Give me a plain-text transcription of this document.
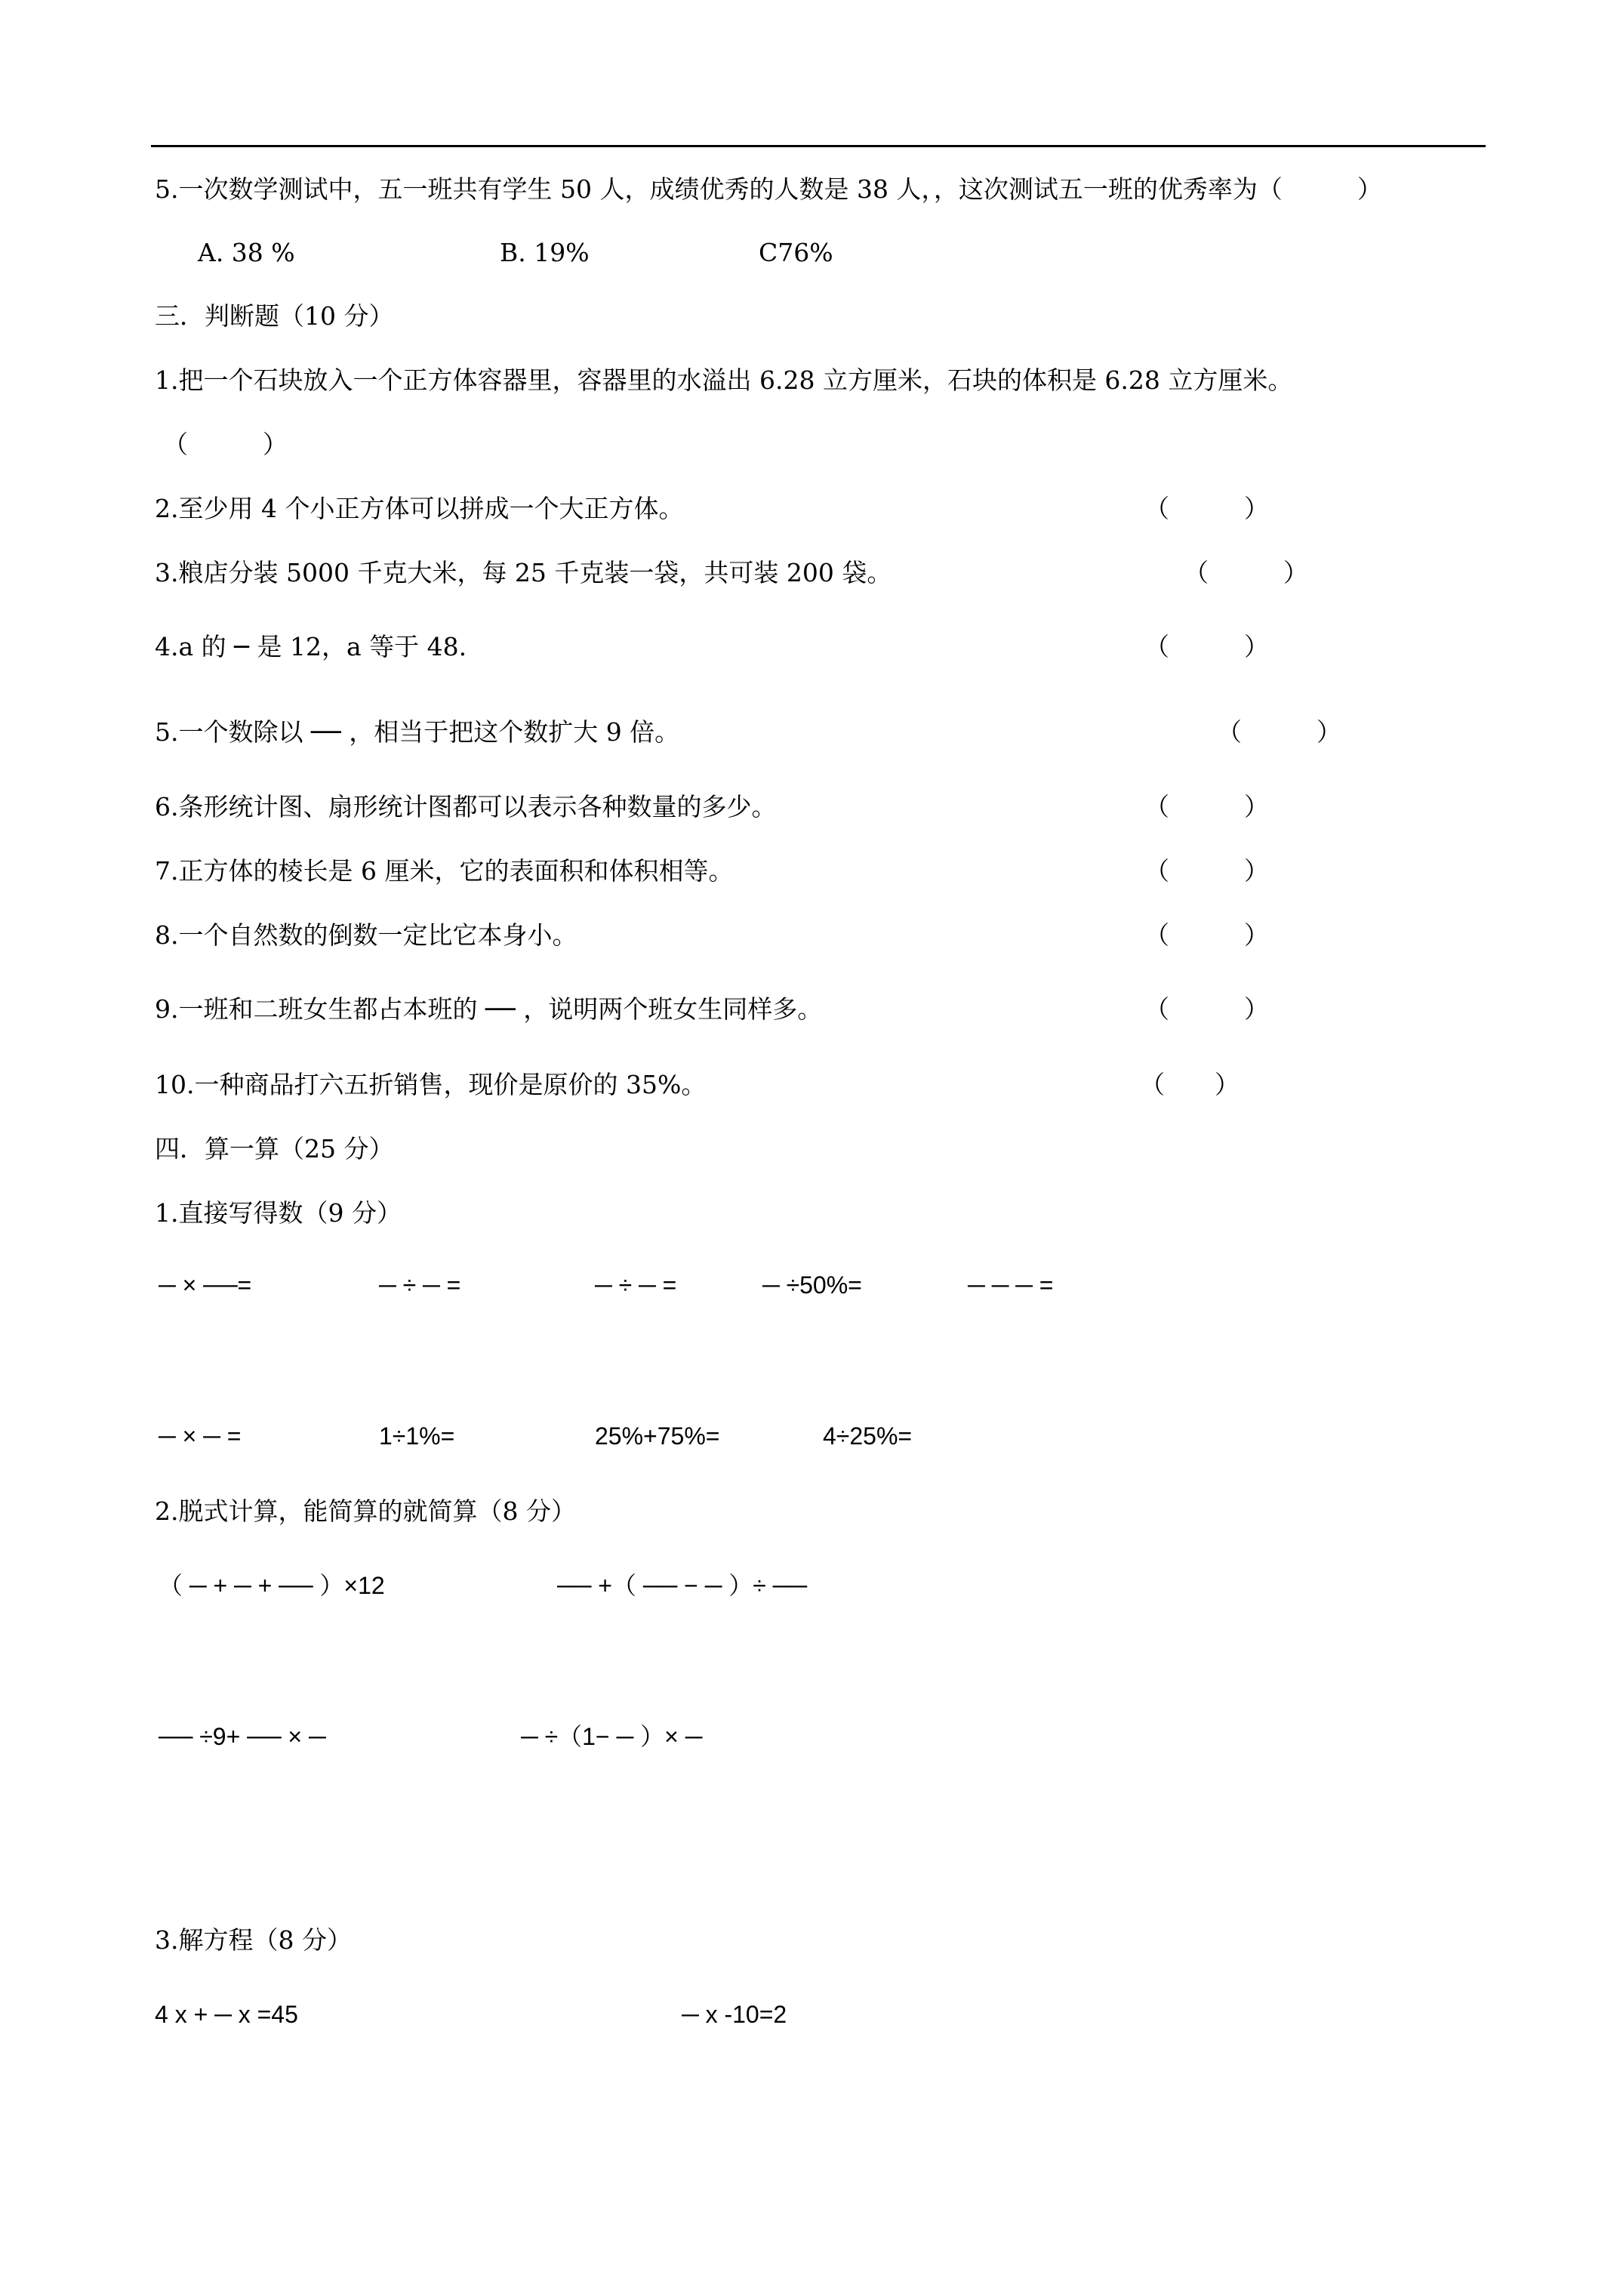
5.一次数学测试中，五一班共有学生 50 人，成绩优秀的人数是 38 人，，这次测试五一班的优秀率为（　　　）
A. 38 %	B. 19%	C76%
三．判断题（10 分）
1.把一个石块放入一个正方体容器里，容器里的水溢出 6.28 立方厘米，石块的体积是 6.28 立方厘米。
（　　　）
2.至少用 4 个小正方体可以拼成一个大正方体。	（　　　）
3.粮店分装 5000 千克大米，每 25 千克装一袋，共可装 200 袋。	（　　　）
4.a 的 ─ 是 12，a 等于 48.	（　　　）
5.一个数除以 ── ，相当于把这个数扩大 9 倍。	（　　　）
6.条形统计图、扇形统计图都可以表示各种数量的多少。	（　　　）
7.正方体的棱长是 6 厘米，它的表面积和体积相等。	（　　　）
8.一个自然数的倒数一定比它本身小。	（　　　）
9.一班和二班女生都占本班的 ── ，说明两个班女生同样多。	（　　　）
10.一种商品打六五折销售，现价是原价的 35%。	（　　）
四．算一算（25 分）
1.直接写得数（9 分）
─ × ──=	─ ÷ ─ =	─ ÷ ─ =	─ ÷50%=	─ ─ ─ =
─ × ─ =	1÷1%=	25%+75%=	4÷25%=
2.脱式计算，能简算的就简算（8 分）
（ ─ + ─ + ── ）×12	── +（ ── − ─ ）÷ ──
── ÷9+ ── × ─	─ ÷（1− ─ ）× ─
3.解方程（8 分）
4 x + ─ x =45	─ x -10=2
